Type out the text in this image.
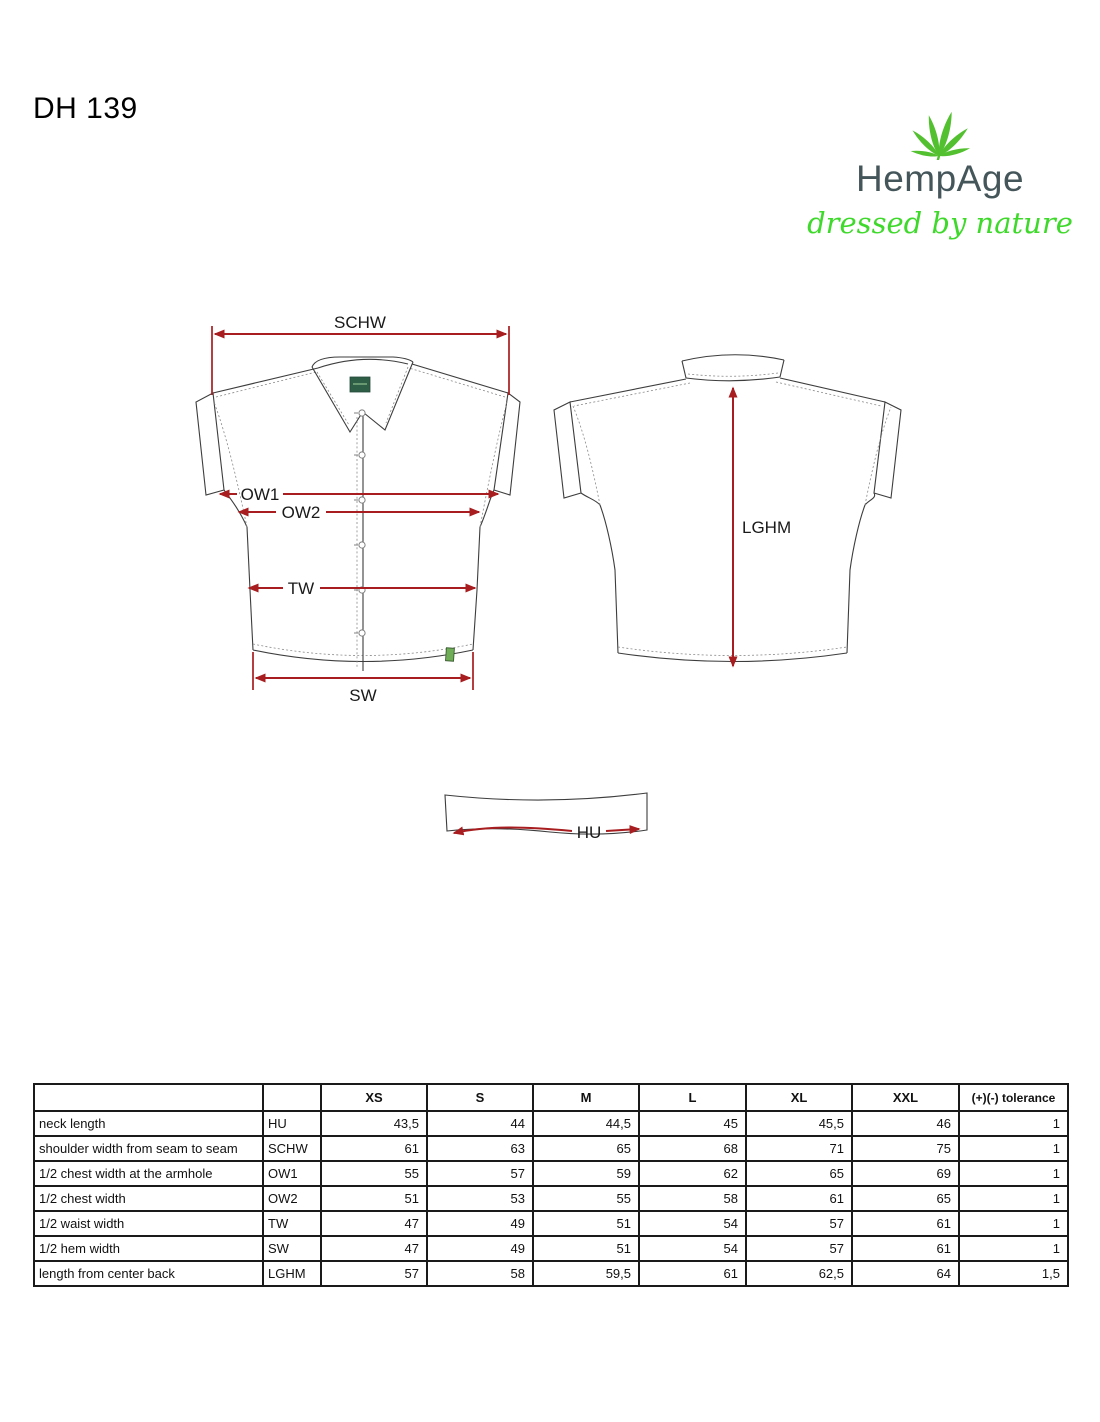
DH 139
HempAge
dressed by nature
SCHW
OW1
OW2
TW
SW
LGHM
HU
		XS	S	M	L	XL	XXL	(+)(-) tolerance
neck length	HU	43,5	44	44,5	45	45,5	46	1
shoulder width from seam to seam	SCHW	61	63	65	68	71	75	1
1/2 chest width at the armhole	OW1	55	57	59	62	65	69	1
1/2 chest width	OW2	51	53	55	58	61	65	1
1/2 waist width	TW	47	49	51	54	57	61	1
1/2 hem width	SW	47	49	51	54	57	61	1
length from center back	LGHM	57	58	59,5	61	62,5	64	1,5
